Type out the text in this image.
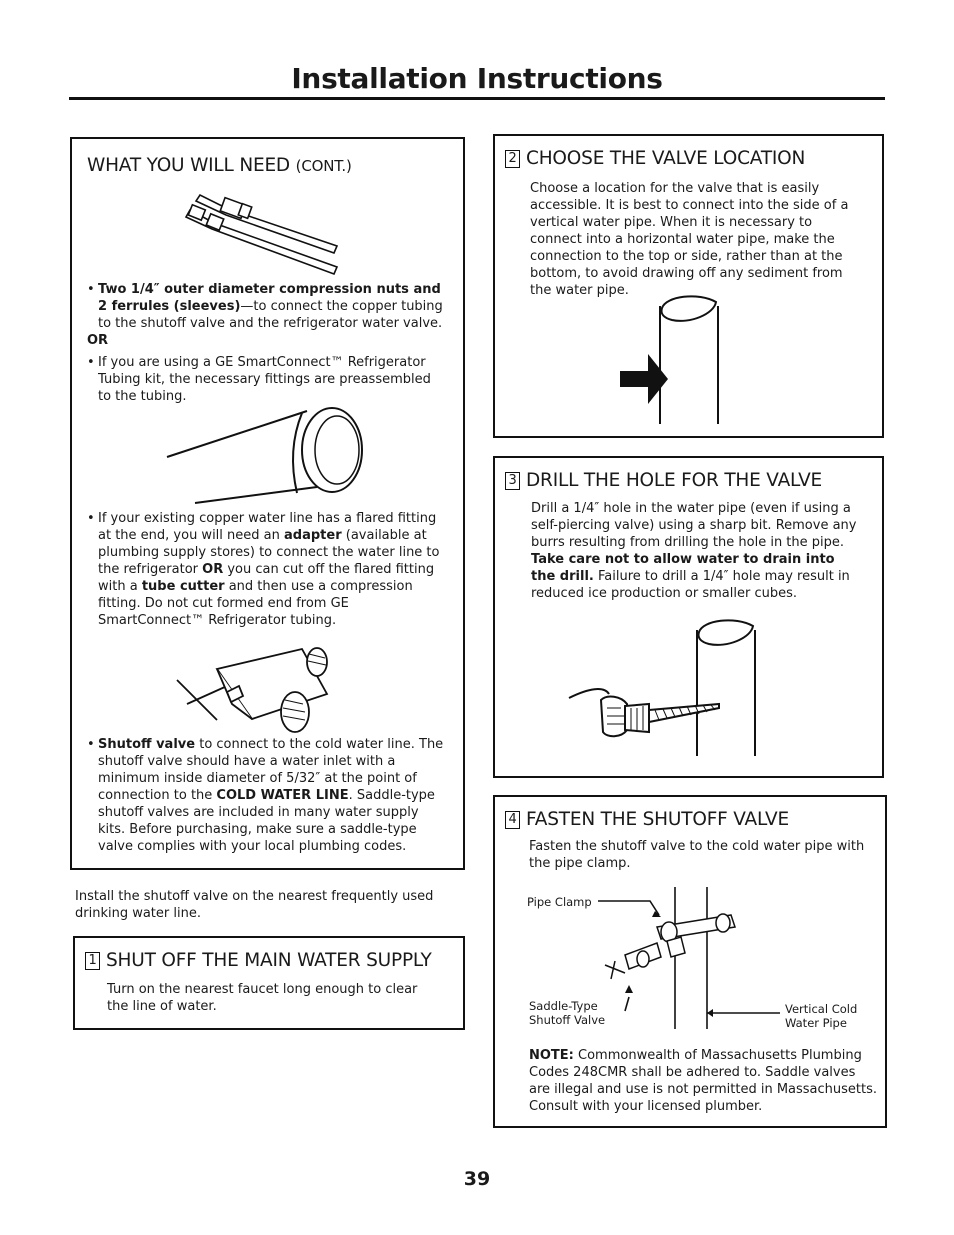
Installation Instructions
WHAT YOU WILL NEED (CONT.)
• Two 1/4″ outer diameter compression nuts and
2 ferrules (sleeves)—to connect the copper tubing to the shutoff valve and the refrigerator water valve.
OR
• If you are using a GE SmartConnect™ Refrigerator Tubing kit, the necessary fittings are preassembled to the tubing.
• If your existing copper water line has a flared fitting at the end, you will need an adapter (available at plumbing supply stores) to connect the water line to the refrigerator OR you can cut off the flared fitting with a tube cutter and then use a compression fitting. Do not cut formed end from GE SmartConnect™ Refrigerator tubing.
• Shutoff valve to connect to the cold water line. The shutoff valve should have a water inlet with a minimum inside diameter of 5/32″ at the point of connection to the COLD WATER LINE. Saddle-type shutoff valves are included in many water supply kits. Before purchasing, make sure a saddle-type valve complies with your local plumbing codes.
Install the shutoff valve on the nearest frequently used drinking water line.
1 SHUT OFF THE MAIN WATER SUPPLY
Turn on the nearest faucet long enough to clear the line of water.
2 CHOOSE THE VALVE LOCATION
Choose a location for the valve that is easily accessible. It is best to connect into the side of a vertical water pipe. When it is necessary to connect into a horizontal water pipe, make the connection to the top or side, rather than at the bottom, to avoid drawing off any sediment from the water pipe.
3 DRILL THE HOLE FOR THE VALVE
Drill a 1/4″ hole in the water pipe (even if using a self-piercing valve) using a sharp bit. Remove any burrs resulting from drilling the hole in the pipe. Take care not to allow water to drain into the drill. Failure to drill a 1/4″ hole may result in reduced ice production or smaller cubes.
4 FASTEN THE SHUTOFF VALVE
Fasten the shutoff valve to the cold water pipe with the pipe clamp.
Pipe Clamp
Saddle-Type
Shutoff Valve
Vertical Cold
Water Pipe
NOTE: Commonwealth of Massachusetts Plumbing Codes 248CMR shall be adhered to. Saddle valves are illegal and use is not permitted in Massachusetts. Consult with your licensed plumber.
39
